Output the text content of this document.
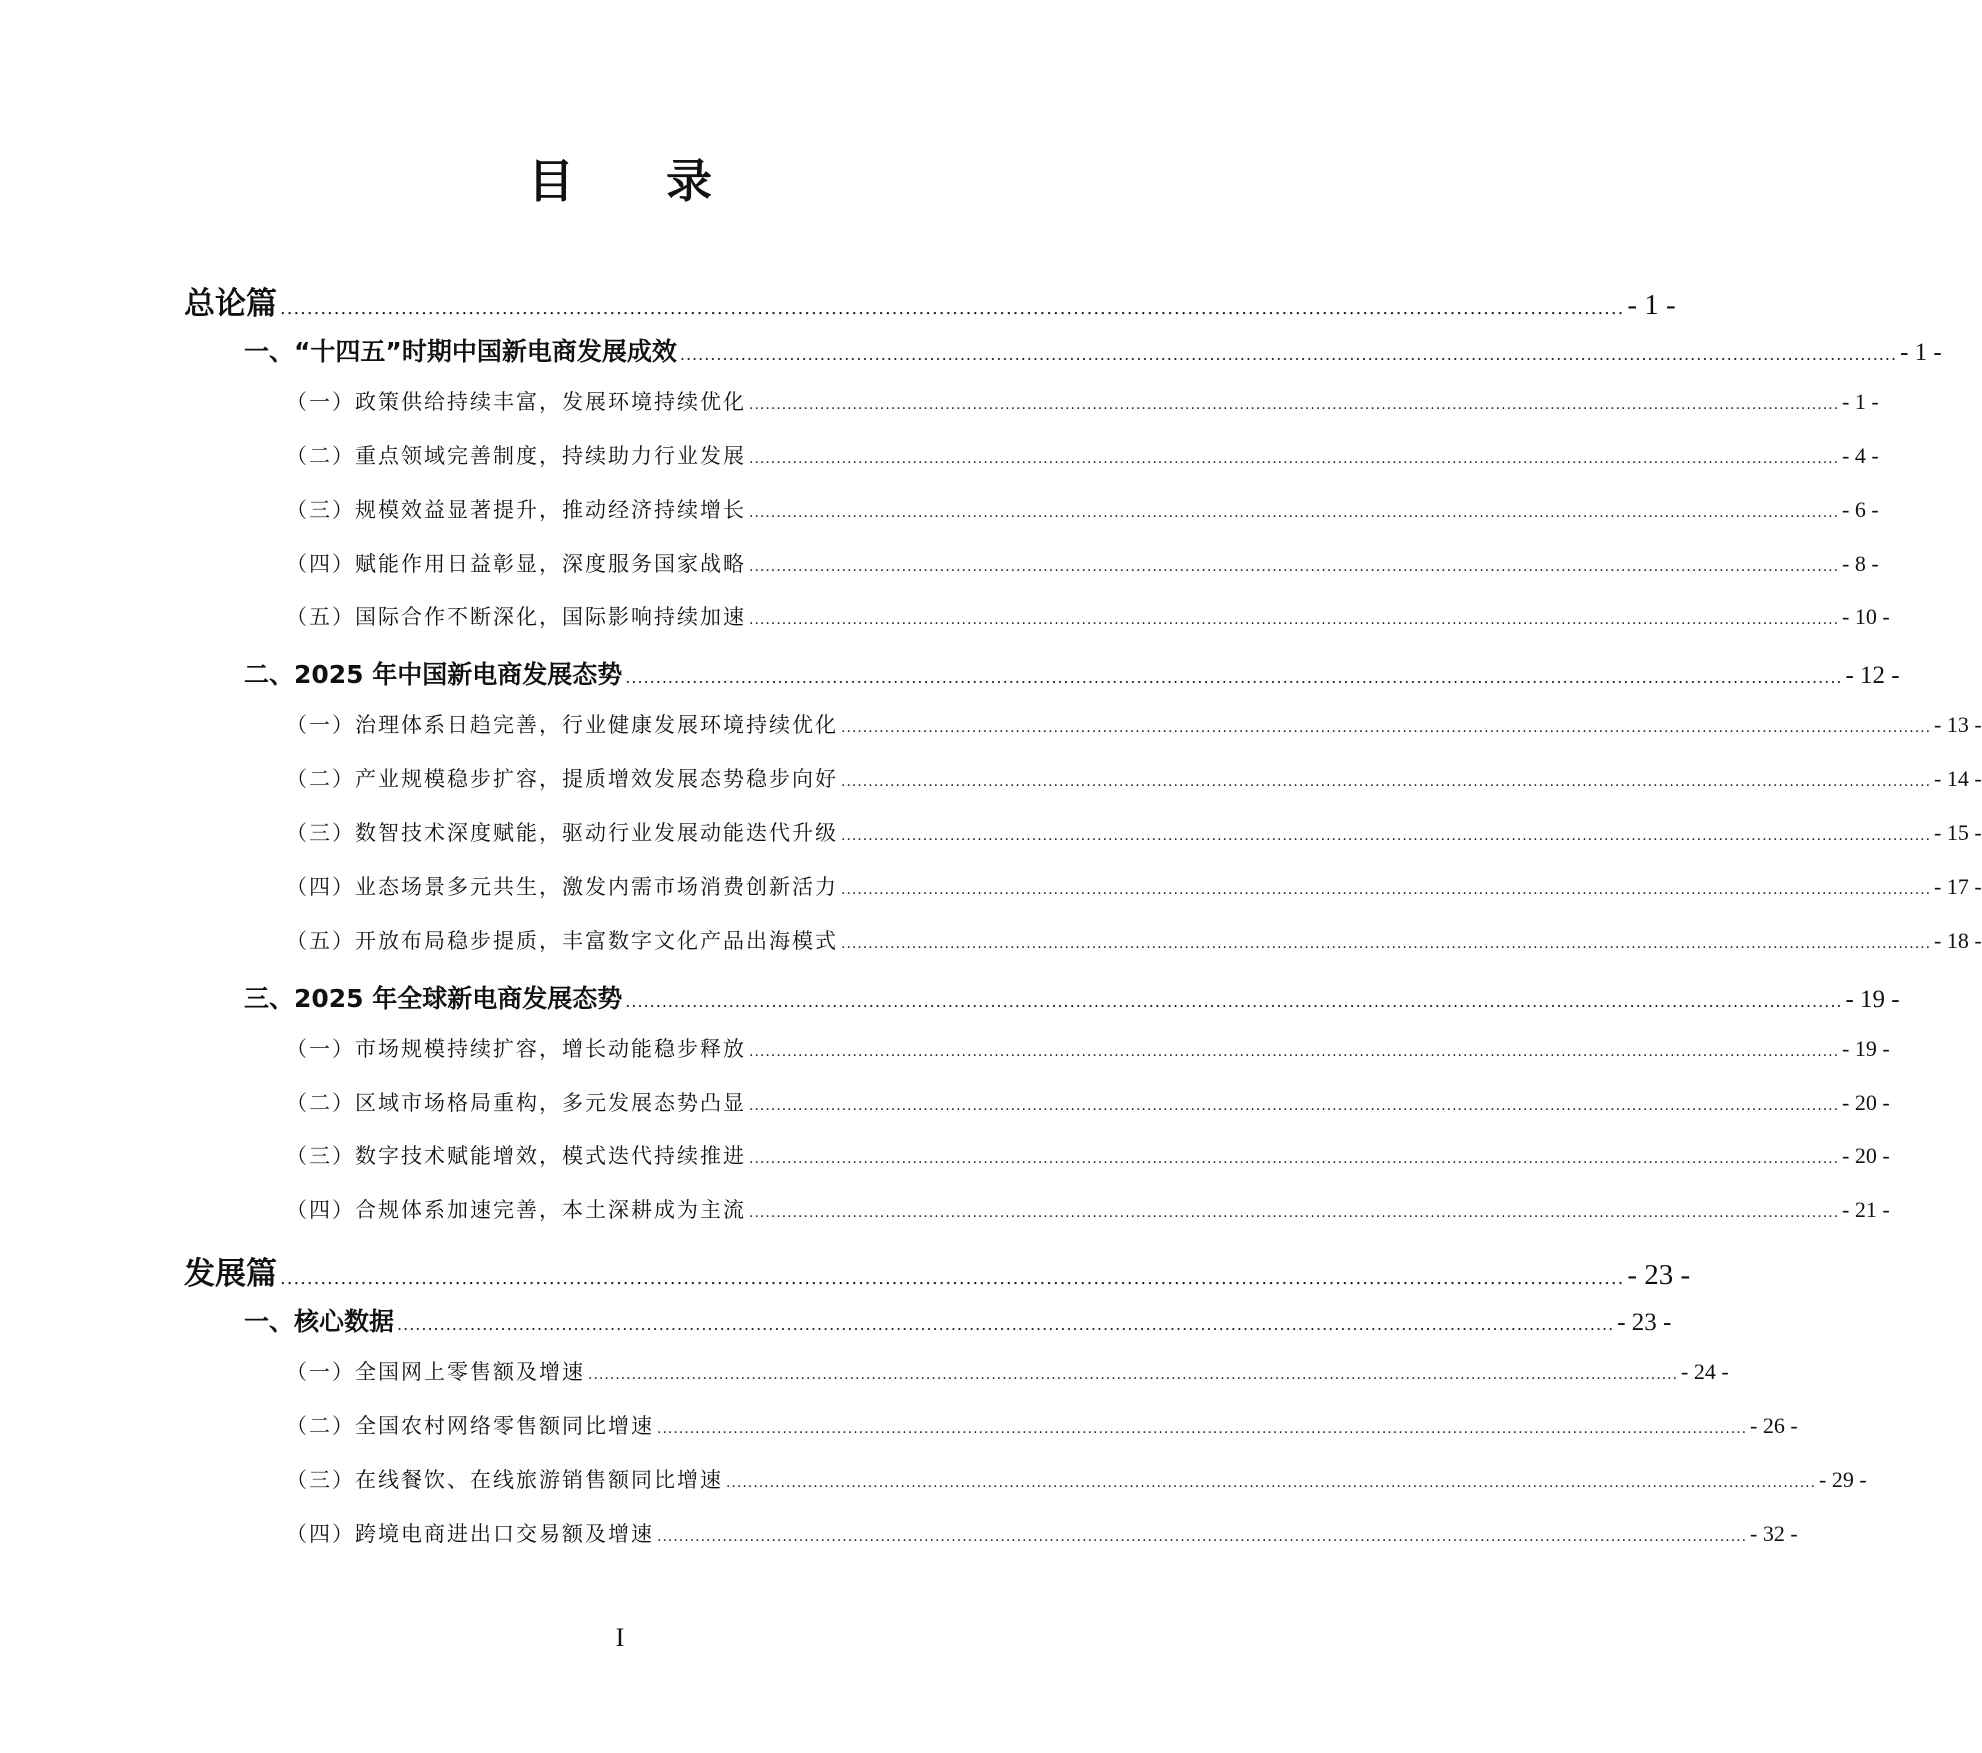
目 录
总论篇 ........................................................................................................................................................................................................ - 1 -
一、“十四五”时期中国新电商发展成效 ........................................................................................................................................................................................................ - 1 -
（一）政策供给持续丰富，发展环境持续优化 ........................................................................................................................................................................................................ - 1 -
（二）重点领域完善制度，持续助力行业发展 ........................................................................................................................................................................................................ - 4 -
（三）规模效益显著提升，推动经济持续增长 ........................................................................................................................................................................................................ - 6 -
（四）赋能作用日益彰显，深度服务国家战略 ........................................................................................................................................................................................................ - 8 -
（五）国际合作不断深化，国际影响持续加速 ........................................................................................................................................................................................................ - 10 -
二、2025 年中国新电商发展态势 ........................................................................................................................................................................................................ - 12 -
（一）治理体系日趋完善，行业健康发展环境持续优化 ........................................................................................................................................................................................................ - 13 -
（二）产业规模稳步扩容，提质增效发展态势稳步向好 ........................................................................................................................................................................................................ - 14 -
（三）数智技术深度赋能，驱动行业发展动能迭代升级 ........................................................................................................................................................................................................ - 15 -
（四）业态场景多元共生，激发内需市场消费创新活力 ........................................................................................................................................................................................................ - 17 -
（五）开放布局稳步提质，丰富数字文化产品出海模式 ........................................................................................................................................................................................................ - 18 -
三、2025 年全球新电商发展态势 ........................................................................................................................................................................................................ - 19 -
（一）市场规模持续扩容，增长动能稳步释放 ........................................................................................................................................................................................................ - 19 -
（二）区域市场格局重构，多元发展态势凸显 ........................................................................................................................................................................................................ - 20 -
（三）数字技术赋能增效，模式迭代持续推进 ........................................................................................................................................................................................................ - 20 -
（四）合规体系加速完善，本土深耕成为主流 ........................................................................................................................................................................................................ - 21 -
发展篇 ........................................................................................................................................................................................................ - 23 -
一、核心数据 ........................................................................................................................................................................................................ - 23 -
（一）全国网上零售额及增速 ........................................................................................................................................................................................................ - 24 -
（二）全国农村网络零售额同比增速 ........................................................................................................................................................................................................ - 26 -
（三）在线餐饮、在线旅游销售额同比增速 ........................................................................................................................................................................................................ - 29 -
（四）跨境电商进出口交易额及增速 ........................................................................................................................................................................................................ - 32 -
I
